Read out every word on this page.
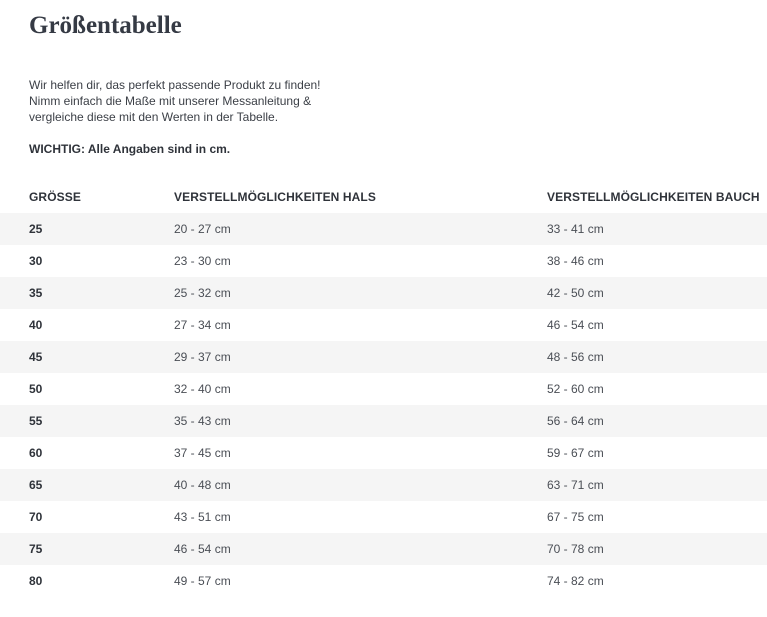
Größentabelle
Wir helfen dir, das perfekt passende Produkt zu finden!
Nimm einfach die Maße mit unserer Messanleitung &
vergleiche diese mit den Werten in der Tabelle.
WICHTIG: Alle Angaben sind in cm.
GRÖSSE	VERSTELLMÖGLICHKEITEN HALS	VERSTELLMÖGLICHKEITEN BAUCH
25	20 - 27 cm	33 - 41 cm
30	23 - 30 cm	38 - 46 cm
35	25 - 32 cm	42 - 50 cm
40	27 - 34 cm	46 - 54 cm
45	29 - 37 cm	48 - 56 cm
50	32 - 40 cm	52 - 60 cm
55	35 - 43 cm	56 - 64 cm
60	37 - 45 cm	59 - 67 cm
65	40 - 48 cm	63 - 71 cm
70	43 - 51 cm	67 - 75 cm
75	46 - 54 cm	70 - 78 cm
80	49 - 57 cm	74 - 82 cm
